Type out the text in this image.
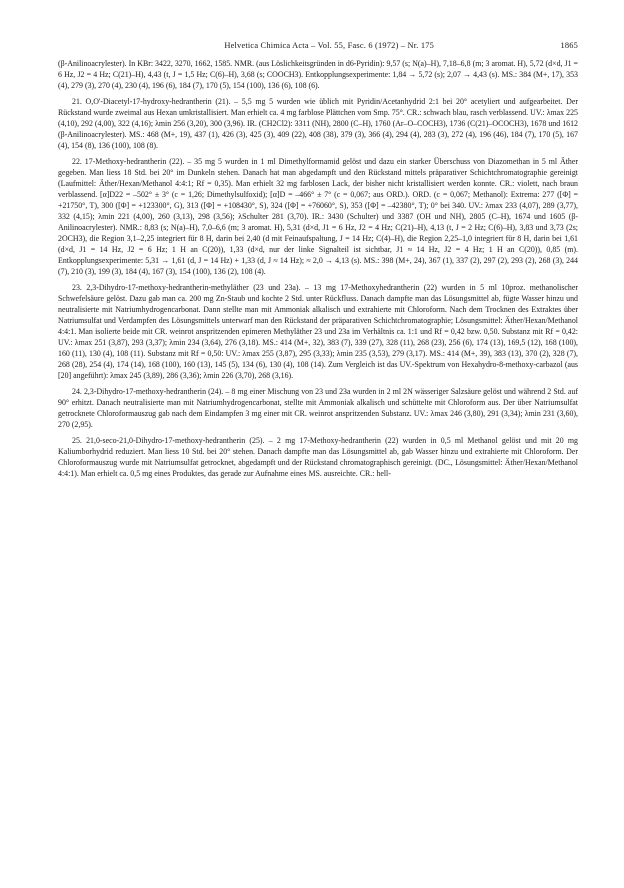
Helvetica Chimica Acta – Vol. 55, Fasc. 6 (1972) – Nr. 175	1865

(β-Anilinoacrylester). In KBr: 3422, 3270, 1662, 1585. NMR. (aus Löslichkeitsgründen in d6-Pyridin): 9,57 (s; N(a)–H), 7,18–6,8 (m; 3 aromat. H), 5,72 (d×d, J1 = 6 Hz, J2 = 4 Hz; C(21)–H), 4,43 (t, J = 1,5 Hz; C(6)–H), 3,68 (s; COOCH3). Entkopplungsexperimente: 1,84 → 5,72 (s); 2,07 → 4,43 (s). MS.: 384 (M+, 17), 353 (4), 279 (3), 270 (4), 230 (4), 196 (6), 184 (7), 170 (5), 154 (100), 136 (6), 108 (6).

21. O,O'-Diacetyl-17-hydroxy-hedrantherin (21). – 5,5 mg 5 wurden wie üblich mit Pyridin/Acetanhydrid 2:1 bei 20° acetyliert und aufgearbeitet. Der Rückstand wurde zweimal aus Hexan umkristallisiert. Man erhielt ca. 4 mg farblose Plättchen vom Smp. 75°. CR.: schwach blau, rasch verblassend. UV.: λmax 225 (4,10), 292 (4,00), 322 (4,16); λmin 256 (3,20), 300 (3,96). IR. (CH2Cl2): 3311 (NH), 2800 (C–H), 1760 (Ar–O–COCH3), 1736 (C(21)–OCOCH3), 1678 und 1612 (β-Anilinoacrylester). MS.: 468 (M+, 19), 437 (1), 426 (3), 425 (3), 409 (22), 408 (38), 379 (3), 366 (4), 294 (4), 283 (3), 272 (4), 196 (46), 184 (7), 170 (5), 167 (4), 154 (8), 136 (100), 108 (8).

22. 17-Methoxy-hedrantherin (22). – 35 mg 5 wurden in 1 ml Dimethylformamid gelöst und dazu ein starker Überschuss von Diazomethan in 5 ml Äther gegeben. Man liess 18 Std. bei 20° im Dunkeln stehen. Danach hat man abgedampft und den Rückstand mittels präparativer Schichtchromatographie gereinigt (Laufmittel: Äther/Hexan/Methanol 4:4:1; Rf = 0,35). Man erhielt 32 mg farblosen Lack, der bisher nicht kristallisiert werden konnte. CR.: violett, nach braun verblassend. [α]D22 = –502° ± 3° (c = 1,26; Dimethylsulfoxid); [α]D = –466° ± 7° (c = 0,067; aus ORD.). ORD. (c = 0,067; Methanol): Extrema: 277 ([Φ] = +21750°, T), 300 ([Φ] = +123300°, G), 313 ([Φ] = +108430°, S), 324 ([Φ] = +76060°, S), 353 ([Φ] = –42380°, T); 0° bei 340. UV.: λmax 233 (4,07), 289 (3,77), 332 (4,15); λmin 221 (4,00), 260 (3,13), 298 (3,56); λSchulter 281 (3,70). IR.: 3430 (Schulter) und 3387 (OH und NH), 2805 (C–H), 1674 und 1605 (β-Anilinoacrylester). NMR.: 8,83 (s; N(a)–H), 7,0–6,6 (m; 3 aromat. H), 5,31 (d×d, J1 = 6 Hz, J2 = 4 Hz; C(21)–H), 4,13 (t, J = 2 Hz; C(6)–H), 3,83 und 3,73 (2s; 2OCH3), die Region 3,1–2,25 integriert für 8 H, darin bei 2,40 (d mit Feinaufspaltung, J = 14 Hz; C(4)–H), die Region 2,25–1,0 integriert für 8 H, darin bei 1,61 (d×d, J1 = 14 Hz, J2 = 6 Hz; 1 H an C(20)), 1,33 (d×d, nur der linke Signalteil ist sichtbar, J1 ≈ 14 Hz, J2 = 4 Hz; 1 H an C(20)), 0,85 (m). Entkopplungsexperimente: 5,31 → 1,61 (d, J = 14 Hz) + 1,33 (d, J ≈ 14 Hz); ≈ 2,0 → 4,13 (s). MS.: 398 (M+, 24), 367 (1), 337 (2), 297 (2), 293 (2), 268 (3), 244 (7), 210 (3), 199 (3), 184 (4), 167 (3), 154 (100), 136 (2), 108 (4).

23. 2,3-Dihydro-17-methoxy-hedrantherin-methyläther (23 und 23a). – 13 mg 17-Methoxyhedrantherin (22) wurden in 5 ml 10proz. methanolischer Schwefelsäure gelöst. Dazu gab man ca. 200 mg Zn-Staub und kochte 2 Std. unter Rückfluss. Danach dampfte man das Lösungsmittel ab, fügte Wasser hinzu und neutralisierte mit Natriumhydrogencarbonat. Dann stellte man mit Ammoniak alkalisch und extrahierte mit Chloroform. Nach dem Trocknen des Extraktes über Natriumsulfat und Verdampfen des Lösungsmittels unterwarf man den Rückstand der präparativen Schichtchromatographie; Lösungsmittel: Äther/Hexan/Methanol 4:4:1. Man isolierte beide mit CR. weinrot anspritzenden epimeren Methyläther 23 und 23a im Verhältnis ca. 1:1 und Rf = 0,42 bzw. 0,50. Substanz mit Rf = 0,42: UV.: λmax 251 (3,87), 293 (3,37); λmin 234 (3,64), 276 (3,18). MS.: 414 (M+, 32), 383 (7), 339 (27), 328 (11), 268 (23), 256 (6), 174 (13), 169,5 (12), 168 (100), 160 (11), 130 (4), 108 (11). Substanz mit Rf = 0,50: UV.: λmax 255 (3,87), 295 (3,33); λmin 235 (3,53), 279 (3,17). MS.: 414 (M+, 39), 383 (13), 370 (2), 328 (7), 268 (28), 254 (4), 174 (14), 168 (100), 160 (13), 145 (5), 134 (6), 130 (4), 108 (14). Zum Vergleich ist das UV.-Spektrum von Hexahydro-8-methoxy-carbazol (aus [20] angeführt): λmax 245 (3,89), 286 (3,36); λmin 226 (3,70), 268 (3,16).

24. 2,3-Dihydro-17-methoxy-hedrantherin (24). – 8 mg einer Mischung von 23 und 23a wurden in 2 ml 2N wässeriger Salzsäure gelöst und während 2 Std. auf 90° erhitzt. Danach neutralisierte man mit Natriumhydrogencarbonat, stellte mit Ammoniak alkalisch und schüttelte mit Chloroform aus. Der über Natriumsulfat getrocknete Chloroformauszug gab nach dem Eindampfen 3 mg einer mit CR. weinrot anspritzenden Substanz. UV.: λmax 246 (3,80), 291 (3,34); λmin 231 (3,60), 270 (2,95).

25. 21,0-seco-21,0-Dihydro-17-methoxy-hedrantherin (25). – 2 mg 17-Methoxy-hedrantherin (22) wurden in 0,5 ml Methanol gelöst und mit 20 mg Kaliumborhydrid reduziert. Man liess 10 Std. bei 20° stehen. Danach dampfte man das Lösungsmittel ab, gab Wasser hinzu und extrahierte mit Chloroform. Der Chloroformauszug wurde mit Natriumsulfat getrocknet, abgedampft und der Rückstand chromatographisch gereinigt. (DC., Lösungsmittel: Äther/Hexan/Methanol 4:4:1). Man erhielt ca. 0,5 mg eines Produktes, das gerade zur Aufnahme eines MS. ausreichte. CR.: hell-
